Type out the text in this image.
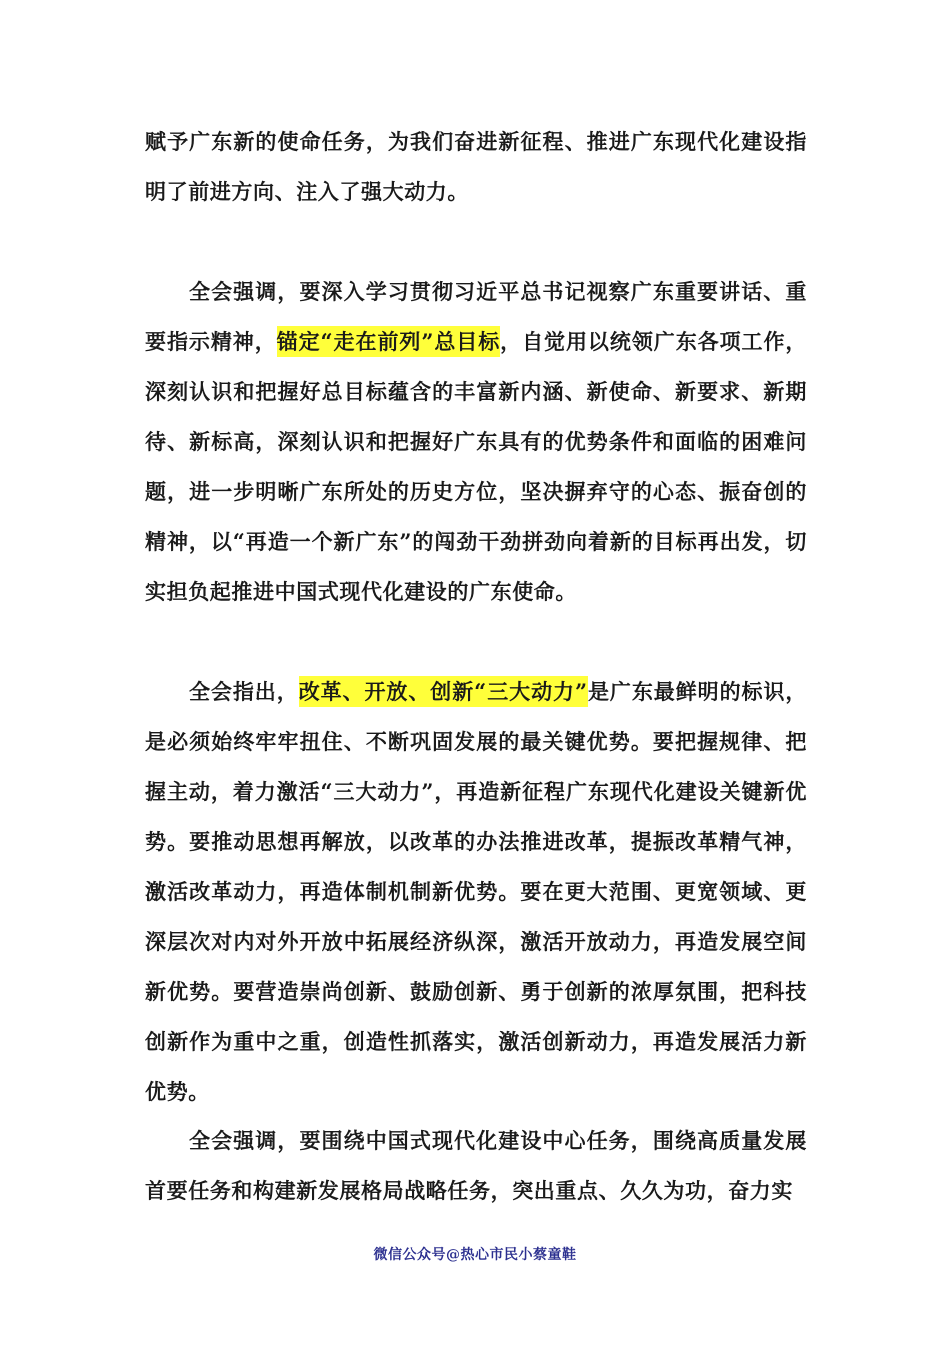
赋予广东新的使命任务，为我们奋进新征程、推进广东现代化建设指明了前进方向、注入了强大动力。

全会强调，要深入学习贯彻习近平总书记视察广东重要讲话、重要指示精神，锚定“走在前列”总目标，自觉用以统领广东各项工作，深刻认识和把握好总目标蕴含的丰富新内涵、新使命、新要求、新期待、新标高，深刻认识和把握好广东具有的优势条件和面临的困难问题，进一步明晰广东所处的历史方位，坚决摒弃守的心态、振奋创的精神，以“再造一个新广东”的闯劲干劲拼劲向着新的目标再出发，切实担负起推进中国式现代化建设的广东使命。

全会指出，改革、开放、创新“三大动力”是广东最鲜明的标识，是必须始终牢牢扭住、不断巩固发展的最关键优势。要把握规律、把握主动，着力激活“三大动力”，再造新征程广东现代化建设关键新优势。要推动思想再解放，以改革的办法推进改革，提振改革精气神，激活改革动力，再造体制机制新优势。要在更大范围、更宽领域、更深层次对内对外开放中拓展经济纵深，激活开放动力，再造发展空间新优势。要营造崇尚创新、鼓励创新、勇于创新的浓厚氛围，把科技创新作为重中之重，创造性抓落实，激活创新动力，再造发展活力新优势。

全会强调，要围绕中国式现代化建设中心任务，围绕高质量发展首要任务和构建新发展格局战略任务，突出重点、久久为功，奋力实

微信公众号@热心市民小蔡童鞋
